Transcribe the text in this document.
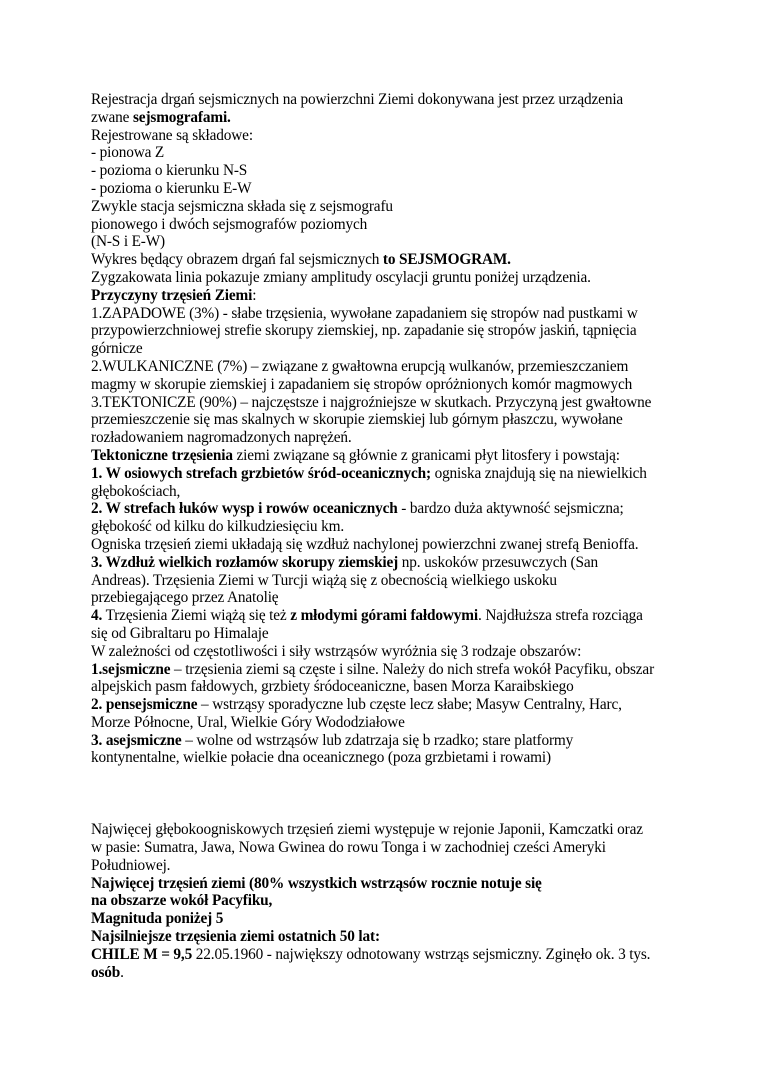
Rejestracja drgań sejsmicznych na powierzchni Ziemi dokonywana jest przez urządzenia
zwane sejsmografami.
Rejestrowane są składowe:
- pionowa Z
- pozioma o kierunku N-S
- pozioma o kierunku E-W
Zwykle stacja sejsmiczna składa się z sejsmografu
pionowego i dwóch sejsmografów poziomych
(N-S i E-W)
Wykres będący obrazem drgań fal sejsmicznych to SEJSMOGRAM.
Zygzakowata linia pokazuje zmiany amplitudy oscylacji gruntu poniżej urządzenia.
Przyczyny trzęsień Ziemi:
1.ZAPADOWE (3%) - słabe trzęsienia, wywołane zapadaniem się stropów nad pustkami w
przypowierzchniowej strefie skorupy ziemskiej, np. zapadanie się stropów jaskiń, tąpnięcia
górnicze
2.WULKANICZNE (7%) – związane z gwałtowna erupcją wulkanów, przemieszczaniem
magmy w skorupie ziemskiej i zapadaniem się stropów opróżnionych komór magmowych
3.TEKTONICZE (90%) – najczęstsze i najgroźniejsze w skutkach. Przyczyną jest gwałtowne
przemieszczenie się mas skalnych w skorupie ziemskiej lub górnym płaszczu, wywołane
rozładowaniem nagromadzonych naprężeń.
Tektoniczne trzęsienia ziemi związane są głównie z granicami płyt litosfery i powstają:
1. W osiowych strefach grzbietów śród-oceanicznych; ogniska znajdują się na niewielkich
głębokościach,
2. W strefach łuków wysp i rowów oceanicznych - bardzo duża aktywność sejsmiczna;
głębokość od kilku do kilkudziesięciu km.
Ogniska trzęsień ziemi układają się wzdłuż nachylonej powierzchni zwanej strefą Benioffa.
3. Wzdłuż wielkich rozłamów skorupy ziemskiej np. uskoków przesuwczych (San
Andreas). Trzęsienia Ziemi w Turcji wiążą się z obecnością wielkiego uskoku
przebiegającego przez Anatolię
4. Trzęsienia Ziemi wiążą się też z młodymi górami fałdowymi. Najdłuższa strefa rozciąga
się od Gibraltaru po Himalaje
W zależności od częstotliwości i siły wstrząsów wyróżnia się 3 rodzaje obszarów:
1.sejsmiczne – trzęsienia ziemi są częste i silne. Należy do nich strefa wokół Pacyfiku, obszar
alpejskich pasm fałdowych, grzbiety śródoceaniczne, basen Morza Karaibskiego
2. pensejsmiczne – wstrząsy sporadyczne lub częste lecz słabe; Masyw Centralny, Harc,
Morze Północne, Ural, Wielkie Góry Wododziałowe
3. asejsmiczne – wolne od wstrząsów lub zdatrzaja się b rzadko; stare platformy
kontynentalne, wielkie połacie dna oceanicznego (poza grzbietami i rowami)
Najwięcej głębokoogniskowych trzęsień ziemi występuje w rejonie Japonii, Kamczatki oraz
w pasie: Sumatra, Jawa, Nowa Gwinea do rowu Tonga i w zachodniej cześci Ameryki
Południowej.
Najwięcej trzęsień ziemi (80% wszystkich wstrząsów rocznie notuje się
na obszarze wokół Pacyfiku,
Magnituda poniżej 5
Najsilniejsze trzęsienia ziemi ostatnich 50 lat:
CHILE M = 9,5 22.05.1960 - największy odnotowany wstrząs sejsmiczny. Zginęło ok. 3 tys.
osób.
